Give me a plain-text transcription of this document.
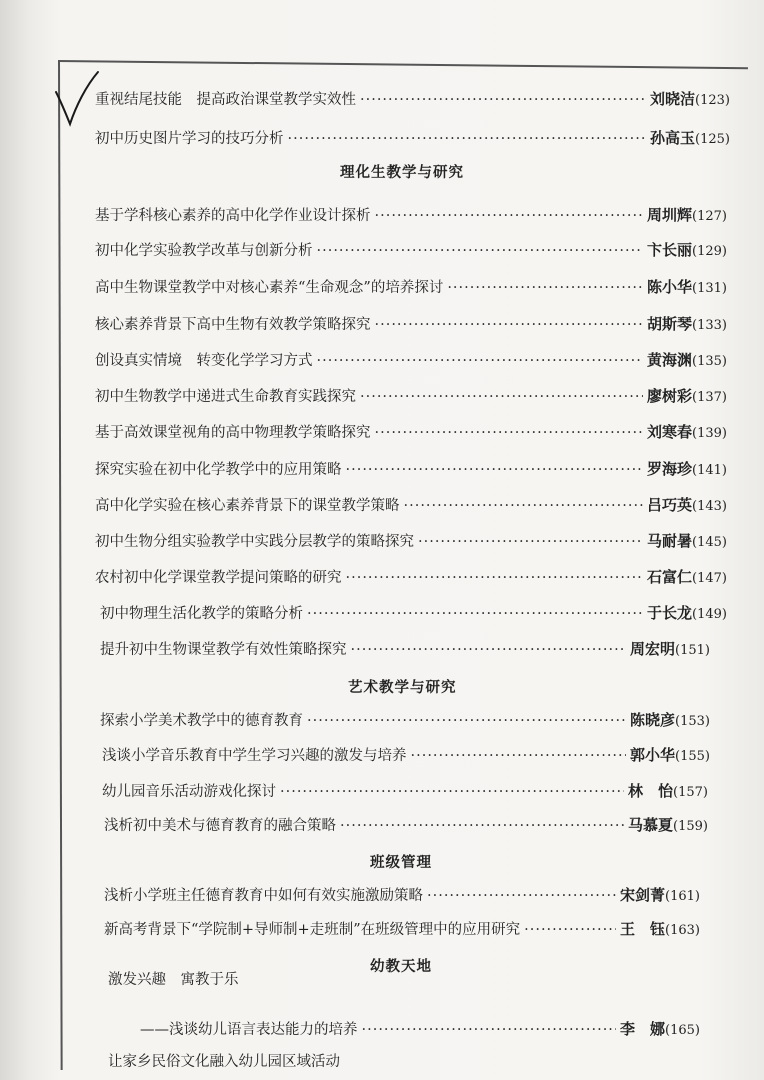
重视结尾技能　提高政治课堂教学实效性 ·····	刘晓洁 (123)
初中历史图片学习的技巧分析 ·····	孙高玉 (125)
理化生教学与研究
基于学科核心素养的高中化学作业设计探析 ·····	周圳辉 (127)
初中化学实验教学改革与创新分析 ·····	卞长丽 (129)
高中生物课堂教学中对核心素养“生命观念”的培养探讨 ·····	陈小华 (131)
核心素养背景下高中生物有效教学策略探究 ·····	胡斯琴 (133)
创设真实情境　转变化学学习方式 ·····	黄海渊 (135)
初中生物教学中递进式生命教育实践探究 ·····	廖树彩 (137)
基于高效课堂视角的高中物理教学策略探究 ·····	刘寒春 (139)
探究实验在初中化学教学中的应用策略 ·····	罗海珍 (141)
高中化学实验在核心素养背景下的课堂教学策略 ·····	吕巧英 (143)
初中生物分组实验教学中实践分层教学的策略探究 ·····	马耐暑 (145)
农村初中化学课堂教学提问策略的研究 ·····	石富仁 (147)
初中物理生活化教学的策略分析 ·····	于长龙 (149)
提升初中生物课堂教学有效性策略探究 ·····	周宏明 (151)
艺术教学与研究
探索小学美术教学中的德育教育 ·····	陈晓彦 (153)
浅谈小学音乐教育中学生学习兴趣的激发与培养 ·····	郭小华 (155)
幼儿园音乐活动游戏化探讨 ·····	林　怡 (157)
浅析初中美术与德育教育的融合策略 ·····	马慕夏 (159)
班级管理
浅析小学班主任德育教育中如何有效实施激励策略 ·····	宋剑菁 (161)
新高考背景下“学院制+导师制+走班制”在班级管理中的应用研究 ·····	王　钰 (163)
幼教天地
激发兴趣　寓教于乐
——浅谈幼儿语言表达能力的培养 ·····	李　娜 (165)
让家乡民俗文化融入幼儿园区域活动
